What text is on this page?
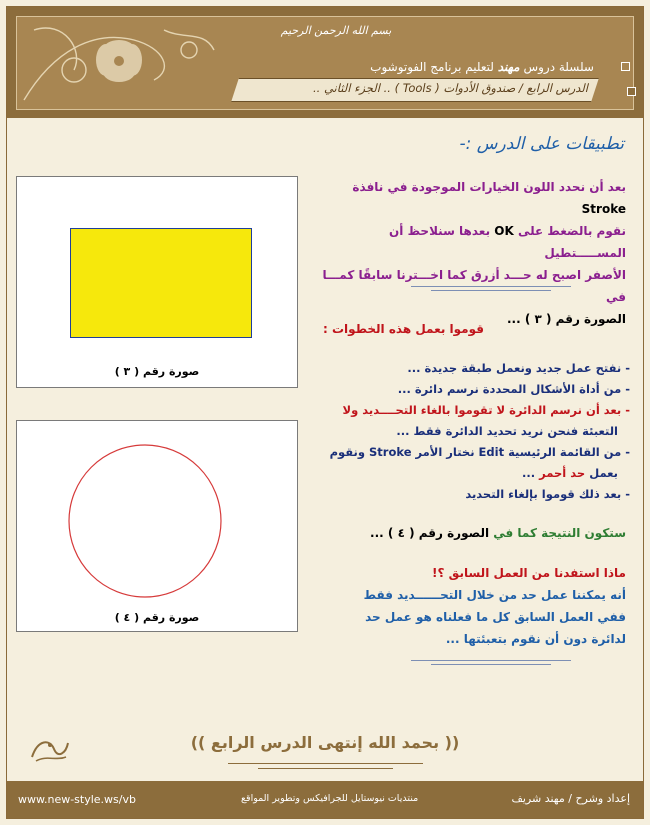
بسم الله الرحمن الرحيم
سلسلة دروس مهند لتعليم برنامج الفوتوشوب
الدرس الرابع / صندوق الأدوات ( Tools ) .. الجزء الثاني ..
تطبيقات على الدرس :-
صورة رقم ( ٣ )
بعد أن نحدد اللون الخيارات الموجودة في نافذة Stroke
نقوم بالضغط على OK بعدها سنلاحظ أن المســـــتطيل
الأصفر اصبح له حـــد أزرق كما اخـــترنا سابقًا كمـــا في
الصورة رقم ( ٣ ) ...
قوموا بعمل هذه الخطوات :
- نفتح عمل جديد ونعمل طبقة جديدة ...
- من أداة الأشكال المحددة نرسم دائرة ...
- بعد أن نرسم الدائرة لا تقوموا بالغاء التحــــديد ولا
التعبئة فنحن نريد تحديد الدائرة فقط ...
- من القائمة الرئيسية Edit نختار الأمر Stroke ونقوم
بعمل حد أحمر ...
- بعد ذلك قوموا بإلغاء التحديد
صورة رقم ( ٤ )
ستكون النتيجة كما في الصورة رقم ( ٤ ) ...
ماذا استفدنا من العمل السابق ؟!
أنه يمكننا عمل حد من خلال التحــــــديد فقط
ففي العمل السابق كل ما فعلناه هو عمل حد
لدائرة دون أن نقوم بتعبئتها ...
(( بحمد الله إنتهى الدرس الرابع ))
www.new-style.ws/vb	منتديات نيوستايل للجرافيكس وتطوير المواقع	إعداد وشرح / مهند شريف
